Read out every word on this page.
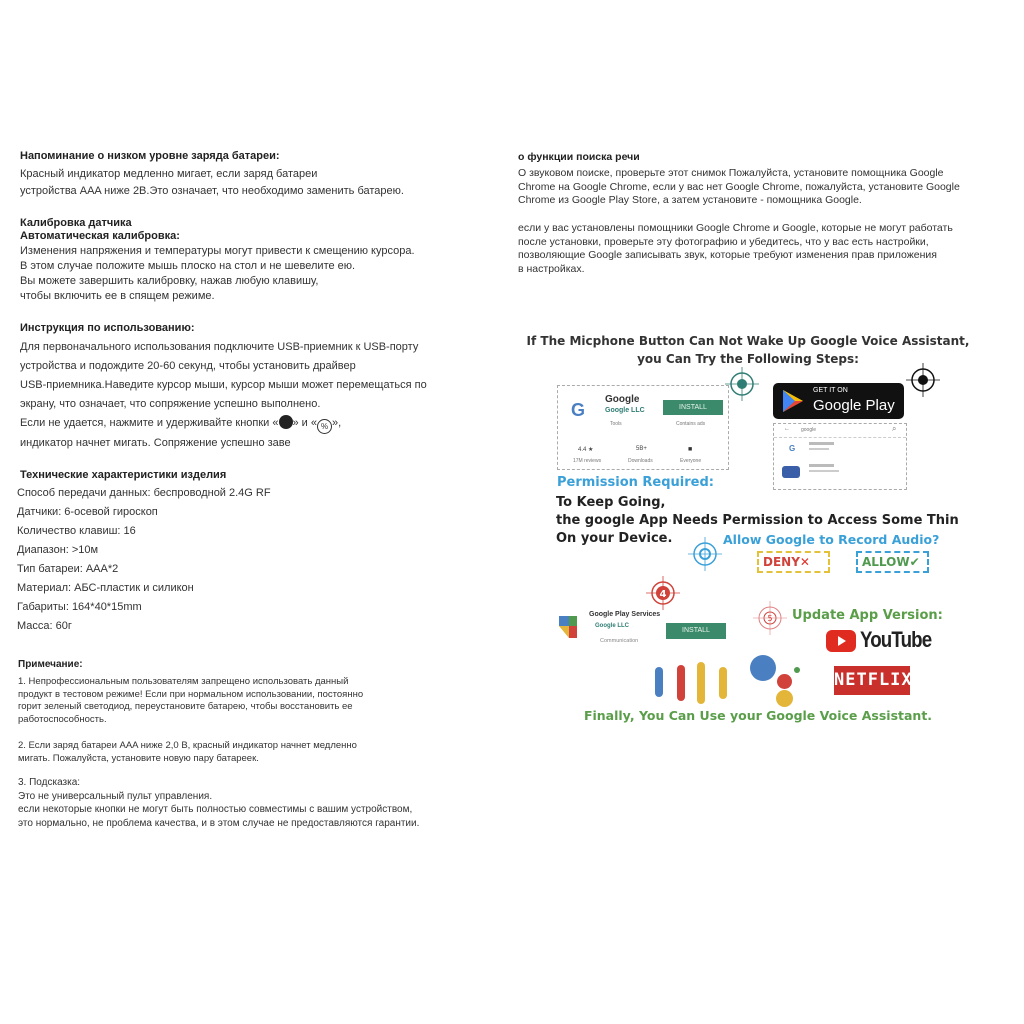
Напоминание о низком уровне заряда батареи:
Красный индикатор медленно мигает, если заряд батареи
устройства AAA ниже 2В.Это означает, что необходимо заменить батарею.
Калибровка датчика
Автоматическая калибровка:
Изменения напряжения и температуры могут привести к смещению курсора.
В этом случае положите мышь плоско на стол и не шевелите ею.
Вы можете завершить калибровку, нажав любую клавишу,
чтобы включить ее в спящем режиме.
Инструкция по использованию:
Для первоначального использования подключите USB-приемник к USB-порту
устройства и подождите 20-60 секунд, чтобы установить драйвер
USB-приемника.Наведите курсор мыши, курсор мыши может перемещаться по
экрану, что означает, что сопряжение успешно выполнено.
Если не удается, нажмите и удерживайте кнопки « » и « % »,
индикатор начнет мигать. Сопряжение успешно заве
Технические характеристики изделия
Способ передачи данных: беспроводной 2.4G RF
Датчики: 6-осевой гироскоп
Количество клавиш: 16
Диапазон: >10м
Тип батареи: AAA*2
Материал: АБС-пластик и силикон
Габариты: 164*40*15mm
Масса: 60г
Примечание:
1. Непрофессиональным пользователям запрещено использовать данный
продукт в тестовом режиме! Если при нормальном использовании, постоянно
горит зеленый светодиод, переустановите батарею, чтобы восстановить ее
работоспособность.
2. Если заряд батареи AAA ниже 2,0 В, красный индикатор начнет медленно
мигать. Пожалуйста, установите новую пару батареек.
3. Подсказка:
Это не универсальный пульт управления.
если некоторые кнопки не могут быть полностью совместимы с вашим устройством,
это нормально, не проблема качества, и в этом случае не предоставляются гарантии.
о функции поиска речи
О звуковом поиске, проверьте этот снимок Пожалуйста, установите помощника Google
Chrome на Google Chrome, если у вас нет Google Chrome, пожалуйста, установите Google
Chrome из Google Play Store, а затем установите - помощника Google.
если у вас установлены помощники Google Chrome и Google, которые не могут работать
после установки, проверьте эту фотографию и убедитесь, что у вас есть настройки,
позволяющие Google записывать звук, которые требуют изменения прав приложения
в настройках.
If The Micphone Button Can Not Wake Up Google Voice Assistant,
you Can Try the Following Steps:
G
Google
Google LLC	INSTALL
Tools	Contains ads
4.4 ★
17M reviews
5B+
Downloads
■
Everyone
GET IT ON
Google Play
← google	⌕
G
Permission Required:
To Keep Going,
the google App Needs Permission to Access Some Thin
On your Device.	Allow Google to Record Audio?
DENY✕	ALLOW✔
4
Google Play Services
Google LLC
Communication
INSTALL
5 Update App Version:
YouTube
NETFLIX
Finally, You Can Use your Google Voice Assistant.
